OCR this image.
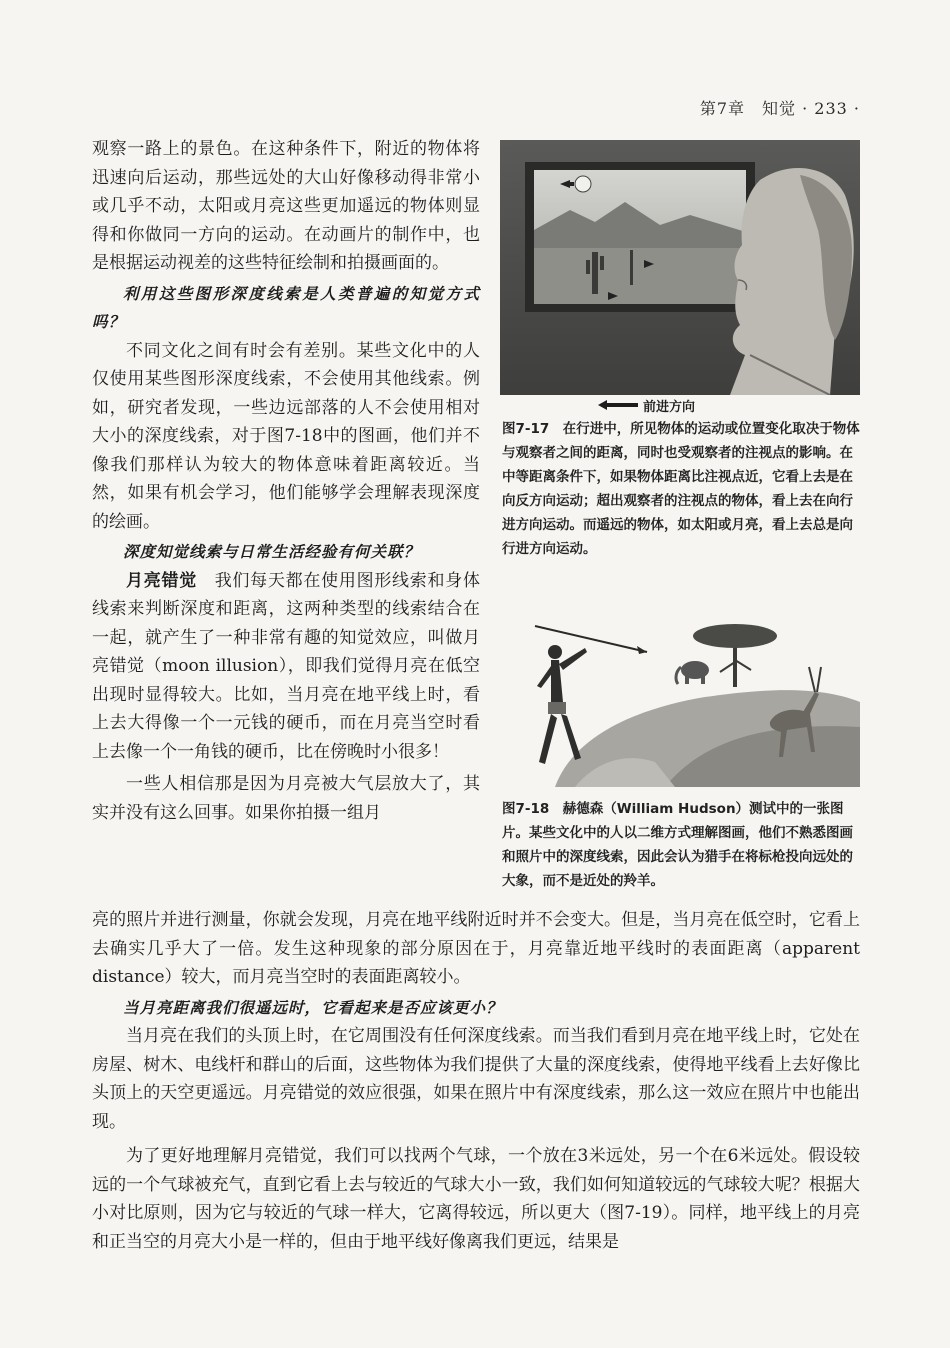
第7章　知觉 · 233 ·

观察一路上的景色。在这种条件下，附近的物体将迅速向后运动，那些远处的大山好像移动得非常小或几乎不动，太阳或月亮这些更加遥远的物体则显得和你做同一方向的运动。在动画片的制作中，也是根据运动视差的这些特征绘制和拍摄画面的。

利用这些图形深度线索是人类普遍的知觉方式吗？

不同文化之间有时会有差别。某些文化中的人仅使用某些图形深度线索，不会使用其他线索。例如，研究者发现，一些边远部落的人不会使用相对大小的深度线索，对于图7-18中的图画，他们并不像我们那样认为较大的物体意味着距离较近。当然，如果有机会学习，他们能够学会理解表现深度的绘画。

深度知觉线索与日常生活经验有何关联？

月亮错觉　我们每天都在使用图形线索和身体线索来判断深度和距离，这两种类型的线索结合在一起，就产生了一种非常有趣的知觉效应，叫做月亮错觉（moon illusion），即我们觉得月亮在低空出现时显得较大。比如，当月亮在地平线上时，看上去大得像一个一元钱的硬币，而在月亮当空时看上去像一个一角钱的硬币，比在傍晚时小很多！

一些人相信那是因为月亮被大气层放大了，其实并没有这么回事。如果你拍摄一组月

亮的照片并进行测量，你就会发现，月亮在地平线附近时并不会变大。但是，当月亮在低空时，它看上去确实几乎大了一倍。发生这种现象的部分原因在于，月亮靠近地平线时的表面距离（apparent distance）较大，而月亮当空时的表面距离较小。

当月亮距离我们很遥远时，它看起来是否应该更小？

当月亮在我们的头顶上时，在它周围没有任何深度线索。而当我们看到月亮在地平线上时，它处在房屋、树木、电线杆和群山的后面，这些物体为我们提供了大量的深度线索，使得地平线看上去好像比头顶上的天空更遥远。月亮错觉的效应很强，如果在照片中有深度线索，那么这一效应在照片中也能出现。

为了更好地理解月亮错觉，我们可以找两个气球，一个放在3米远处，另一个在6米远处。假设较远的一个气球被充气，直到它看上去与较近的气球大小一致，我们如何知道较远的气球较大呢？根据大小对比原则，因为它与较近的气球一样大，它离得较远，所以更大（图7-19）。同样，地平线上的月亮和正当空的月亮大小是一样的，但由于地平线好像离我们更远，结果是

前进方向
图7-17　在行进中，所见物体的运动或位置变化取决于物体与观察者之间的距离，同时也受观察者的注视点的影响。在中等距离条件下，如果物体距离比注视点近，它看上去是在向反方向运动；超出观察者的注视点的物体，看上去在向行进方向运动。而遥远的物体，如太阳或月亮，看上去总是向行进方向运动。
图7-18　赫德森（William Hudson）测试中的一张图片。某些文化中的人以二维方式理解图画，他们不熟悉图画和照片中的深度线索，因此会认为猎手在将标枪投向远处的大象，而不是近处的羚羊。
